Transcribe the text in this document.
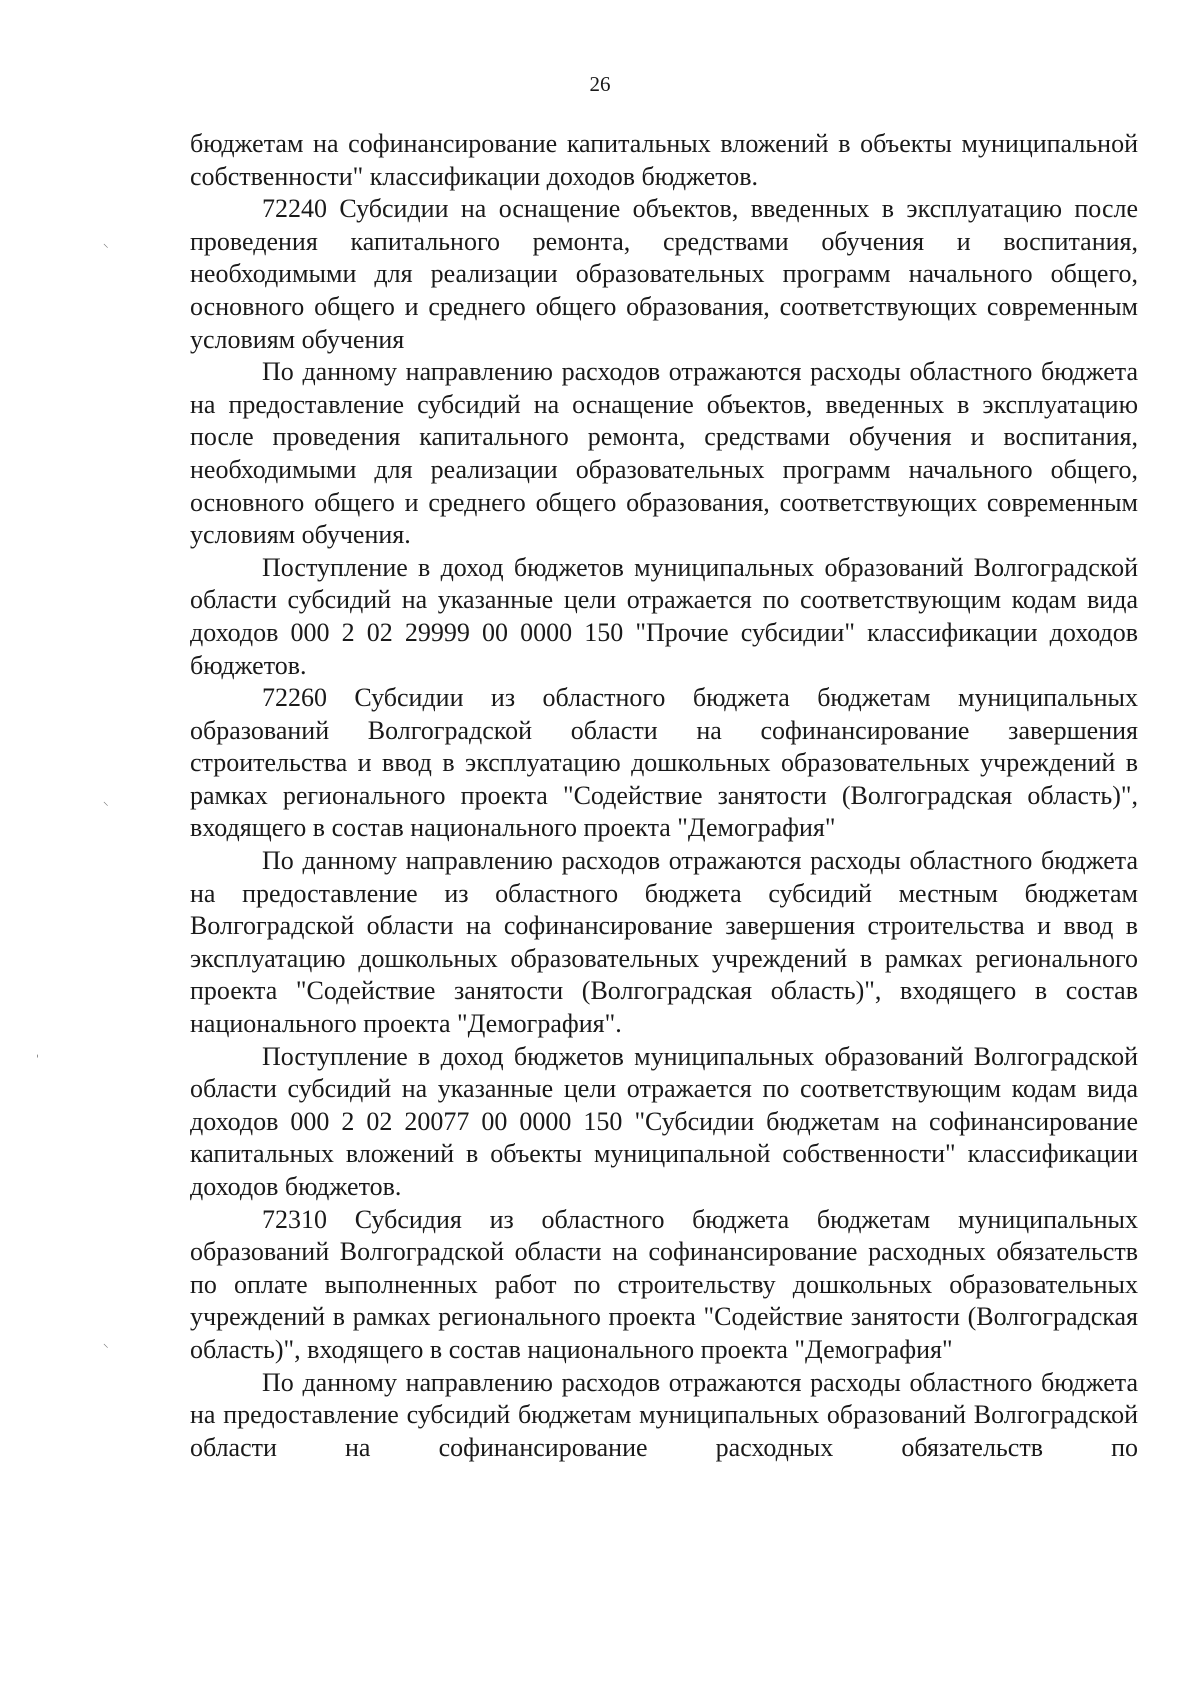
26

бюджетам на софинансирование капитальных вложений в объекты муниципальной собственности" классификации доходов бюджетов.

72240 Субсидии на оснащение объектов, введенных в эксплуатацию после проведения капитального ремонта, средствами обучения и воспитания, необходимыми для реализации образовательных программ начального общего, основного общего и среднего общего образования, соответствующих современным условиям обучения

По данному направлению расходов отражаются расходы областного бюджета на предоставление субсидий на оснащение объектов, введенных в эксплуатацию после проведения капитального ремонта, средствами обучения и воспитания, необходимыми для реализации образовательных программ начального общего, основного общего и среднего общего образования, соответствующих современным условиям обучения.

Поступление в доход бюджетов муниципальных образований Волгоградской области субсидий на указанные цели отражается по соответствующим кодам вида доходов 000 2 02 29999 00 0000 150 "Прочие субсидии" классификации доходов бюджетов.

72260 Субсидии из областного бюджета бюджетам муниципальных образований Волгоградской области на софинансирование завершения строительства и ввод в эксплуатацию дошкольных образовательных учреждений в рамках регионального проекта "Содействие занятости (Волгоградская область)", входящего в состав национального проекта "Демография"

По данному направлению расходов отражаются расходы областного бюджета на предоставление из областного бюджета субсидий местным бюджетам Волгоградской области на софинансирование завершения строительства и ввод в эксплуатацию дошкольных образовательных учреждений в рамках регионального проекта "Содействие занятости (Волгоградская область)", входящего в состав национального проекта "Демография".

Поступление в доход бюджетов муниципальных образований Волгоградской области субсидий на указанные цели отражается по соответствующим кодам вида доходов 000 2 02 20077 00 0000 150 "Субсидии бюджетам на софинансирование капитальных вложений в объекты муниципальной собственности" классификации доходов бюджетов.

72310 Субсидия из областного бюджета бюджетам муниципальных образований Волгоградской области на софинансирование расходных обязательств по оплате выполненных работ по строительству дошкольных образовательных учреждений в рамках регионального проекта "Содействие занятости (Волгоградская область)", входящего в состав национального проекта "Демография"

По данному направлению расходов отражаются расходы областного бюджета на предоставление субсидий бюджетам муниципальных образований Волгоградской области на софинансирование расходных обязательств по

⸜
⸜
⸜
ˌ
